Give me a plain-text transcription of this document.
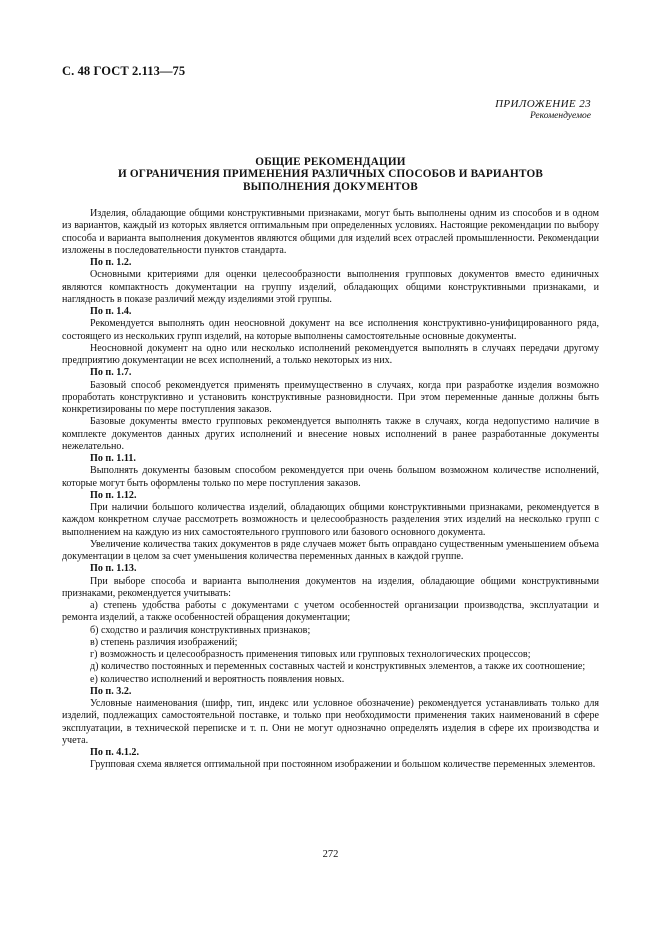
С. 48 ГОСТ 2.113—75
ПРИЛОЖЕНИЕ 23
Рекомендуемое
ОБЩИЕ РЕКОМЕНДАЦИИ
И ОГРАНИЧЕНИЯ ПРИМЕНЕНИЯ РАЗЛИЧНЫХ СПОСОБОВ И ВАРИАНТОВ
ВЫПОЛНЕНИЯ ДОКУМЕНТОВ

Изделия, обладающие общими конструктивными признаками, могут быть выполнены одним из способов и в одном из вариантов, каждый из которых является оптимальным при определенных условиях. Настоящие рекомендации по выбору способа и варианта выполнения документов являются общими для изделий всех отраслей промышленности. Рекомендации изложены в последовательности пунктов стандарта.

По п. 1.2.

Основными критериями для оценки целесообразности выполнения групповых документов вместо единичных являются компактность документации на группу изделий, обладающих общими конструктивными признаками, и наглядность в показе различий между изделиями этой группы.

По п. 1.4.

Рекомендуется выполнять один неосновной документ на все исполнения конструктивно-унифицированного ряда, состоящего из нескольких групп изделий, на которые выполнены самостоятельные основные документы.

Неосновной документ на одно или несколько исполнений рекомендуется выполнять в случаях передачи другому предприятию документации не всех исполнений, а только некоторых из них.

По п. 1.7.

Базовый способ рекомендуется применять преимущественно в случаях, когда при разработке изделия возможно проработать конструктивно и установить конструктивные разновидности. При этом переменные данные должны быть конкретизированы по мере поступления заказов.

Базовые документы вместо групповых рекомендуется выполнять также в случаях, когда недопустимо наличие в комплекте документов данных других исполнений и внесение новых исполнений в ранее разработанные документы нежелательно.

По п. 1.11.

Выполнять документы базовым способом рекомендуется при очень большом возможном количестве исполнений, которые могут быть оформлены только по мере поступления заказов.

По п. 1.12.

При наличии большого количества изделий, обладающих общими конструктивными признаками, рекомендуется в каждом конкретном случае рассмотреть возможность и целесообразность разделения этих изделий на несколько групп с выполнением на каждую из них самостоятельного группового или базового основного документа.

Увеличение количества таких документов в ряде случаев может быть оправдано существенным уменьшением объема документации в целом за счет уменьшения количества переменных данных в каждой группе.

По п. 1.13.

При выборе способа и варианта выполнения документов на изделия, обладающие общими конструктивными признаками, рекомендуется учитывать:

а) степень удобства работы с документами с учетом особенностей организации производства, эксплуатации и ремонта изделий, а также особенностей обращения документации;

б) сходство и различия конструктивных признаков;

в) степень различия изображений;

г) возможность и целесообразность применения типовых или групповых технологических процессов;

д) количество постоянных и переменных составных частей и конструктивных элементов, а также их соотношение;

е) количество исполнений и вероятность появления новых.

По п. 3.2.

Условные наименования (шифр, тип, индекс или условное обозначение) рекомендуется устанавливать только для изделий, подлежащих самостоятельной поставке, и только при необходимости применения таких наименований в сфере эксплуатации, в технической переписке и т. п. Они не могут однозначно определять изделия в сфере их производства и учета.

По п. 4.1.2.

Групповая схема является оптимальной при постоянном изображении и большом количестве переменных элементов.

272
